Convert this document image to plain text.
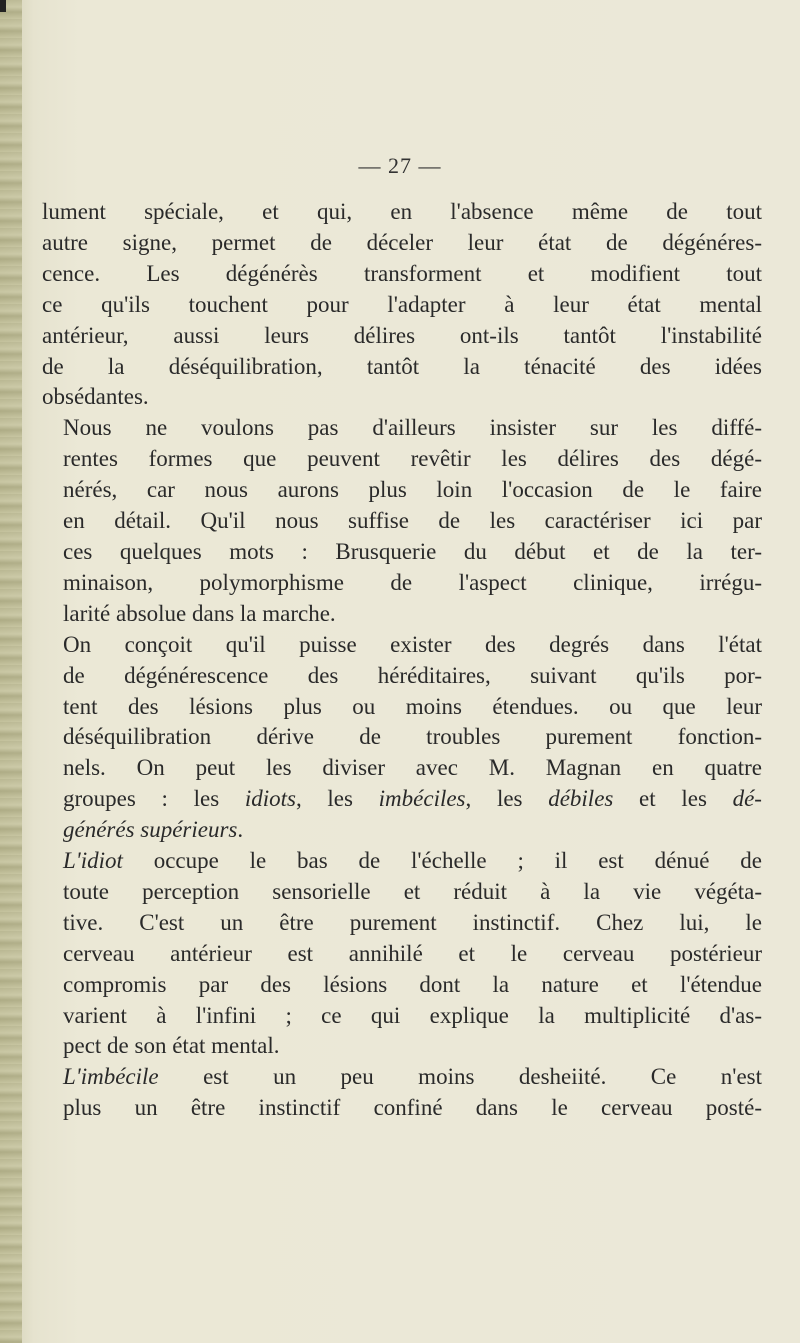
— 27 —

lument spéciale, et qui, en l'absence même de tout
autre signe, permet de déceler leur état de dégénéres-
cence. Les dégénérès transforment et modifient tout
ce qu'ils touchent pour l'adapter à leur état mental
antérieur, aussi leurs délires ont-ils tantôt l'instabilité
de la déséquilibration, tantôt la ténacité des idées
obsédantes.

Nous ne voulons pas d'ailleurs insister sur les diffé-
rentes formes que peuvent revêtir les délires des dégé-
nérés, car nous aurons plus loin l'occasion de le faire
en détail. Qu'il nous suffise de les caractériser ici par
ces quelques mots : Brusquerie du début et de la ter-
minaison, polymorphisme de l'aspect clinique, irrégu-
larité absolue dans la marche.

On conçoit qu'il puisse exister des degrés dans l'état
de dégénérescence des héréditaires, suivant qu'ils por-
tent des lésions plus ou moins étendues. ou que leur
déséquilibration dérive de troubles purement fonction-
nels. On peut les diviser avec M. Magnan en quatre
groupes : les idiots, les imbéciles, les débiles et les dé-
générés supérieurs.

L'idiot occupe le bas de l'échelle ; il est dénué de
toute perception sensorielle et réduit à la vie végéta-
tive. C'est un être purement instinctif. Chez lui, le
cerveau antérieur est annihilé et le cerveau postérieur
compromis par des lésions dont la nature et l'étendue
varient à l'infini ; ce qui explique la multiplicité d'as-
pect de son état mental.

L'imbécile est un peu moins desheiité. Ce n'est
plus un être instinctif confiné dans le cerveau posté-
